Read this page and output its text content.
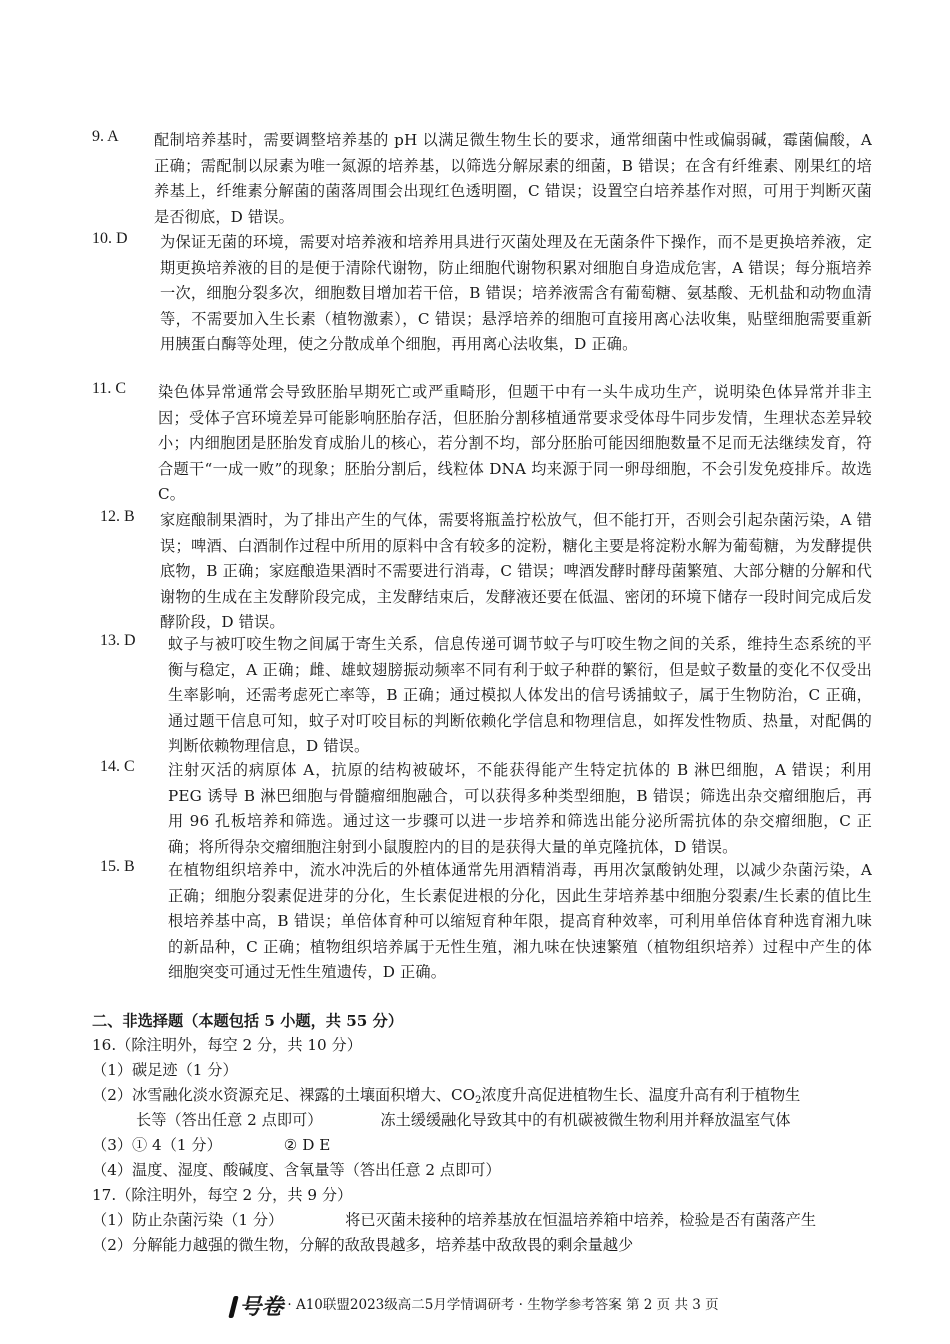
9. A 配制培养基时，需要调整培养基的 pH 以满足微生物生长的要求，通常细菌中性或偏弱碱，霉菌偏酸，A 正确；需配制以尿素为唯一氮源的培养基，以筛选分解尿素的细菌，B 错误；在含有纤维素、刚果红的培养基上，纤维素分解菌的菌落周围会出现红色透明圈，C 错误；设置空白培养基作对照，可用于判断灭菌是否彻底，D 错误。
10. D 为保证无菌的环境，需要对培养液和培养用具进行灭菌处理及在无菌条件下操作，而不是更换培养液，定期更换培养液的目的是便于清除代谢物，防止细胞代谢物积累对细胞自身造成危害，A 错误；每分瓶培养一次，细胞分裂多次，细胞数目增加若干倍，B 错误；培养液需含有葡萄糖、氨基酸、无机盐和动物血清等，不需要加入生长素（植物激素），C 错误；悬浮培养的细胞可直接用离心法收集，贴壁细胞需要重新用胰蛋白酶等处理，使之分散成单个细胞，再用离心法收集，D 正确。
11. C 染色体异常通常会导致胚胎早期死亡或严重畸形，但题干中有一头牛成功生产，说明染色体异常并非主因；受体子宫环境差异可能影响胚胎存活，但胚胎分割移植通常要求受体母牛同步发情，生理状态差异较小；内细胞团是胚胎发育成胎儿的核心，若分割不均，部分胚胎可能因细胞数量不足而无法继续发育，符合题干“一成一败”的现象；胚胎分割后，线粒体 DNA 均来源于同一卵母细胞，不会引发免疫排斥。故选 C。
12. B 家庭酿制果酒时，为了排出产生的气体，需要将瓶盖拧松放气，但不能打开，否则会引起杂菌污染，A 错误；啤酒、白酒制作过程中所用的原料中含有较多的淀粉，糖化主要是将淀粉水解为葡萄糖，为发酵提供底物，B 正确；家庭酿造果酒时不需要进行消毒，C 错误；啤酒发酵时酵母菌繁殖、大部分糖的分解和代谢物的生成在主发酵阶段完成，主发酵结束后，发酵液还要在低温、密闭的环境下储存一段时间完成后发酵阶段，D 错误。
13. D 蚊子与被叮咬生物之间属于寄生关系，信息传递可调节蚊子与叮咬生物之间的关系，维持生态系统的平衡与稳定，A 正确；雌、雄蚊翅膀振动频率不同有利于蚊子种群的繁衍，但是蚊子数量的变化不仅受出生率影响，还需考虑死亡率等，B 正确；通过模拟人体发出的信号诱捕蚊子，属于生物防治，C 正确，通过题干信息可知，蚊子对叮咬目标的判断依赖化学信息和物理信息，如挥发性物质、热量，对配偶的判断依赖物理信息，D 错误。
14. C 注射灭活的病原体 A，抗原的结构被破坏，不能获得能产生特定抗体的 B 淋巴细胞，A 错误；利用 PEG 诱导 B 淋巴细胞与骨髓瘤细胞融合，可以获得多种类型细胞，B 错误；筛选出杂交瘤细胞后，再用 96 孔板培养和筛选。通过这一步骤可以进一步培养和筛选出能分泌所需抗体的杂交瘤细胞，C 正确；将所得杂交瘤细胞注射到小鼠腹腔内的目的是获得大量的单克隆抗体，D 错误。
15. B 在植物组织培养中，流水冲洗后的外植体通常先用酒精消毒，再用次氯酸钠处理，以减少杂菌污染，A 正确；细胞分裂素促进芽的分化，生长素促进根的分化，因此生芽培养基中细胞分裂素/生长素的值比生根培养基中高，B 错误；单倍体育种可以缩短育种年限，提高育种效率，可利用单倍体育种选育湘九味的新品种，C 正确；植物组织培养属于无性生殖，湘九味在快速繁殖（植物组织培养）过程中产生的体细胞突变可通过无性生殖遗传，D 正确。
二、非选择题（本题包括 5 小题，共 55 分）
16.（除注明外，每空 2 分，共 10 分）
（1）碳足迹（1 分）
（2）冰雪融化淡水资源充足、裸露的土壤面积增大、$CO_2$浓度升高促进植物生长、温度升高有利于植物生
长等（答出任意 2 点即可）	冻土缓缓融化导致其中的有机碳被微生物利用并释放温室气体
（3）① 4（1 分）	② D E
（4）温度、湿度、酸碱度、含氧量等（答出任意 2 点即可）
17.（除注明外，每空 2 分，共 9 分）
（1）防止杂菌污染（1 分）	将已灭菌未接种的培养基放在恒温培养箱中培养，检验是否有菌落产生
（2）分解能力越强的微生物，分解的敌敌畏越多，培养基中敌敌畏的剩余量越少
号卷 · A10联盟2023级高二5月学情调研考 · 生物学参考答案 第 2 页 共 3 页
